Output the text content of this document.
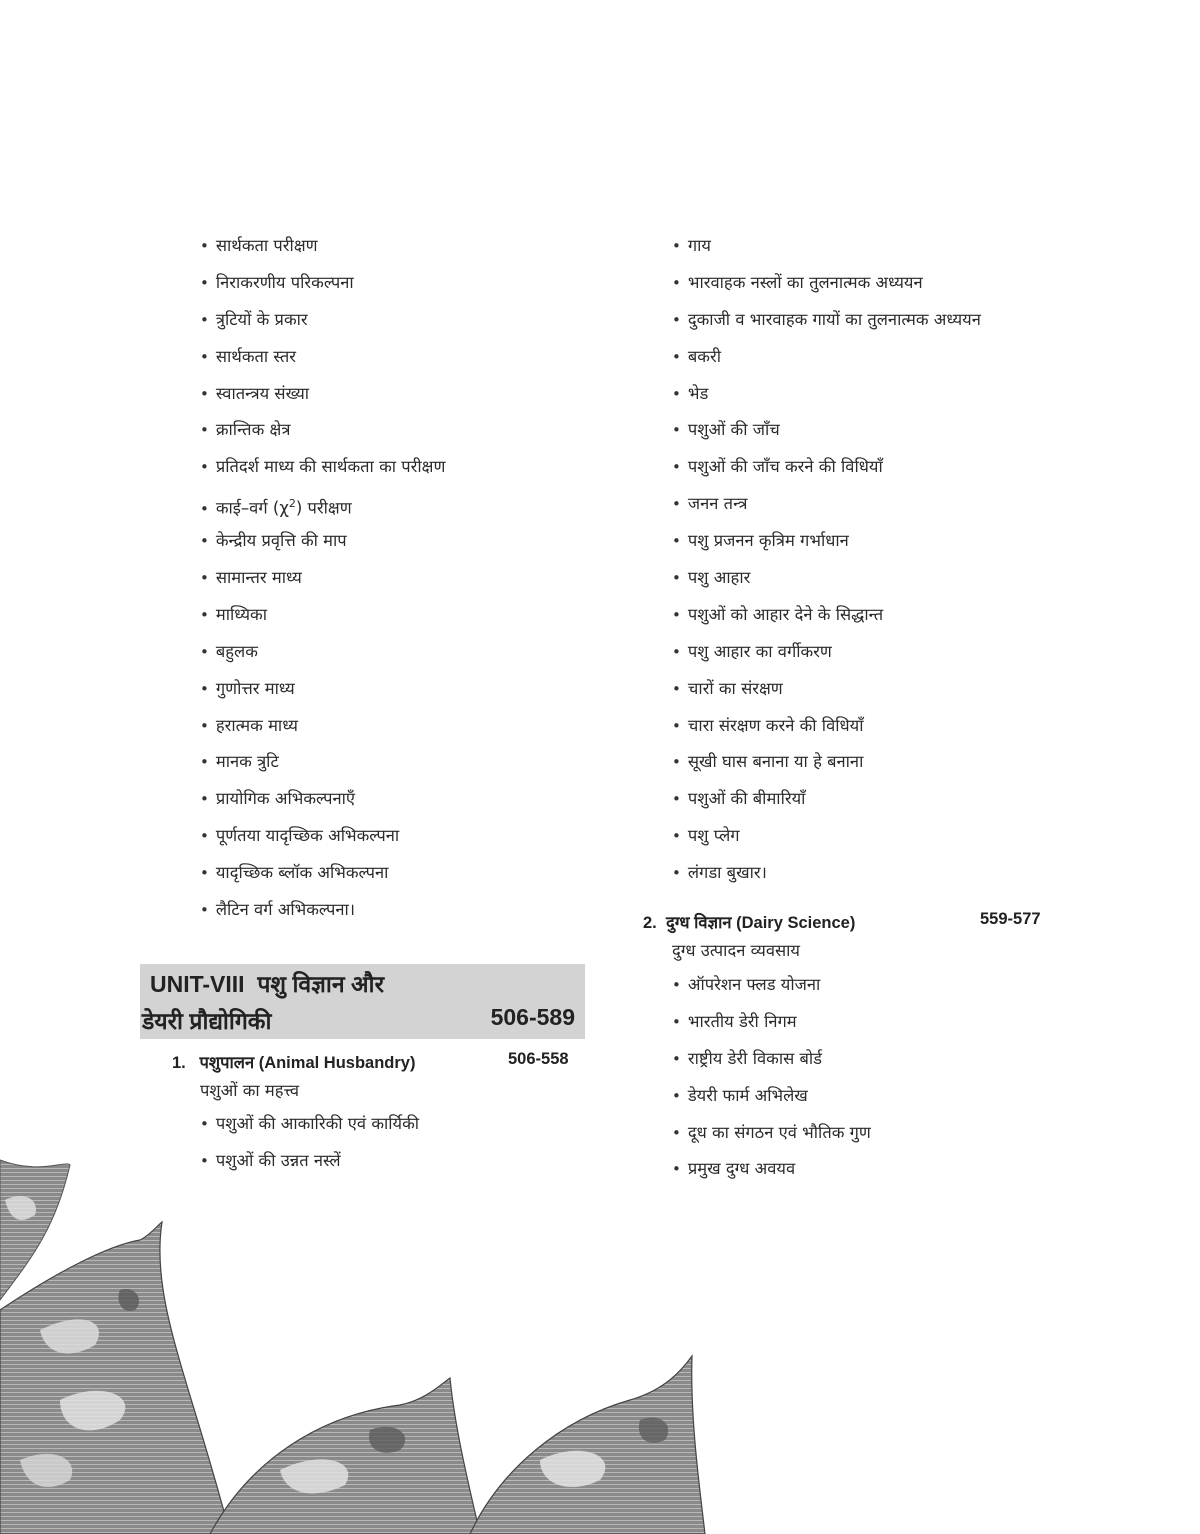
• सार्थकता परीक्षण
• निराकरणीय परिकल्पना
• त्रुटियों के प्रकार
• सार्थकता स्तर
• स्वातन्त्रय संख्या
• क्रान्तिक क्षेत्र
• प्रतिदर्श माध्य की सार्थकता का परीक्षण
• काई–वर्ग $(\chi^2)$ परीक्षण
• केन्द्रीय प्रवृत्ति की माप
• सामान्तर माध्य
• माध्यिका
• बहुलक
• गुणोत्तर माध्य
• हरात्मक माध्य
• मानक त्रुटि
• प्रायोगिक अभिकल्पनाएँ
• पूर्णतया यादृच्छिक अभिकल्पना
• यादृच्छिक ब्लॉक अभिकल्पना
• लैटिन वर्ग अभिकल्पना।
UNIT-VIII पशु विज्ञान और
डेयरी प्रौद्योगिकी	506-589
1. पशुपालन (Animal Husbandry)	506-558
पशुओं का महत्त्व
• पशुओं की आकारिकी एवं कार्यिकी
• पशुओं की उन्नत नस्लें
• गाय
• भारवाहक नस्लों का तुलनात्मक अध्ययन
• दुकाजी व भारवाहक गायों का तुलनात्मक अध्ययन
• बकरी
• भेड
• पशुओं की जाँच
• पशुओं की जाँच करने की विधियाँ
• जनन तन्त्र
• पशु प्रजनन कृत्रिम गर्भाधान
• पशु आहार
• पशुओं को आहार देने के सिद्धान्त
• पशु आहार का वर्गीकरण
• चारों का संरक्षण
• चारा संरक्षण करने की विधियाँ
• सूखी घास बनाना या हे बनाना
• पशुओं की बीमारियाँ
• पशु प्लेग
• लंगडा बुखार।
2. दुग्ध विज्ञान (Dairy Science)	559-577
दुग्ध उत्पादन व्यवसाय
• ऑपरेशन फ्लड योजना
• भारतीय डेरी निगम
• राष्ट्रीय डेरी विकास बोर्ड
• डेयरी फार्म अभिलेख
• दूध का संगठन एवं भौतिक गुण
• प्रमुख दुग्ध अवयव
